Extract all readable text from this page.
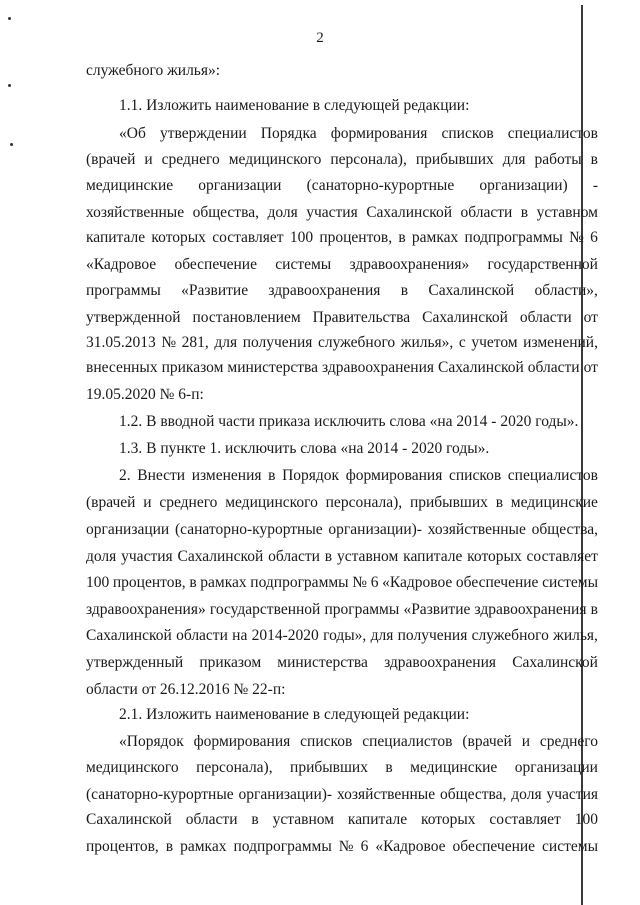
2
служебного жилья»:
1.1. Изложить наименование в следующей редакции:
«Об утверждении Порядка формирования списков специалистов
(врачей и среднего медицинского персонала), прибывших для работы в
медицинские организации (санаторно-курортные организации) -
хозяйственные общества, доля участия Сахалинской области в уставном
капитале которых составляет 100 процентов, в рамках подпрограммы № 6
«Кадровое обеспечение системы здравоохранения» государственной
программы «Развитие здравоохранения в Сахалинской области»,
утвержденной постановлением Правительства Сахалинской области от
31.05.2013 № 281, для получения служебного жилья», с учетом изменений,
внесенных приказом министерства здравоохранения Сахалинской области от
19.05.2020 № 6-п:
1.2. В вводной части приказа исключить слова «на 2014 - 2020 годы».
1.3. В пункте 1. исключить слова «на 2014 - 2020 годы».
2. Внести изменения в Порядок формирования списков специалистов
(врачей и среднего медицинского персонала), прибывших в медицинские
организации (санаторно-курортные организации)- хозяйственные общества,
доля участия Сахалинской области в уставном капитале которых составляет
100 процентов, в рамках подпрограммы № 6 «Кадровое обеспечение системы
здравоохранения» государственной программы «Развитие здравоохранения в
Сахалинской области на 2014-2020 годы», для получения служебного жилья,
утвержденный приказом министерства здравоохранения Сахалинской
области от 26.12.2016 № 22-п:
2.1. Изложить наименование в следующей редакции:
«Порядок формирования списков специалистов (врачей и среднего
медицинского персонала), прибывших в медицинские организации
(санаторно-курортные организации)- хозяйственные общества, доля участия
Сахалинской области в уставном капитале которых составляет 100
процентов, в рамках подпрограммы № 6 «Кадровое обеспечение системы
